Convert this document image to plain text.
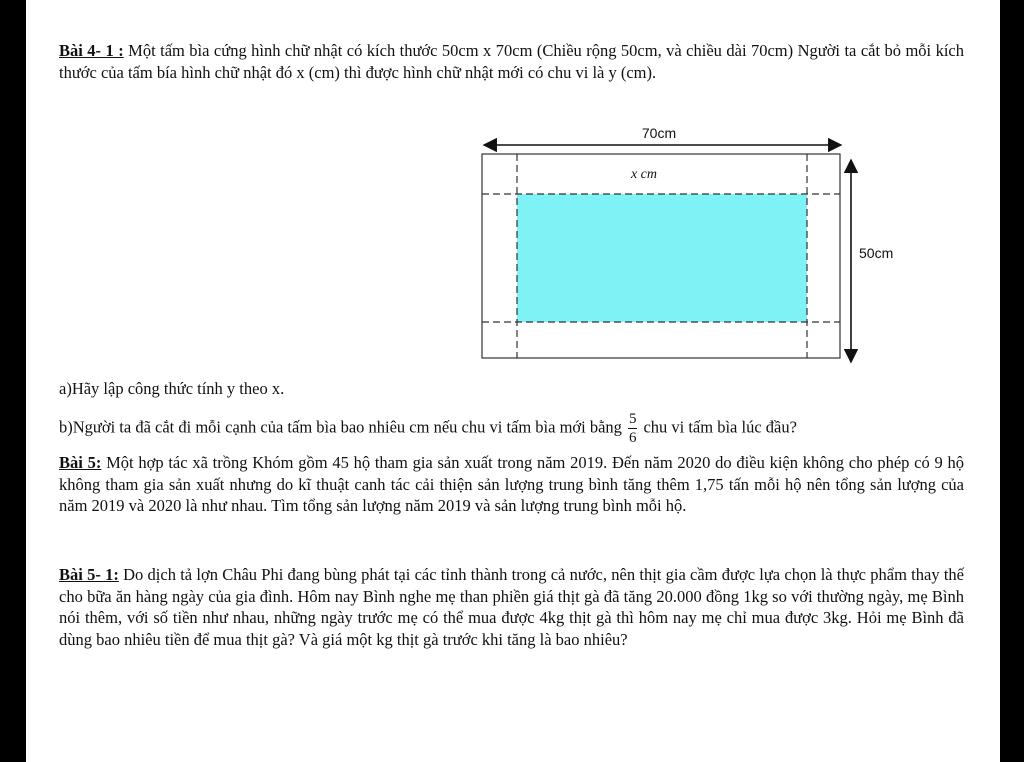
Bài 4- 1 : Một tấm bìa cứng hình chữ nhật có kích thước 50cm x 70cm (Chiều rộng 50cm, và chiều dài 70cm) Người ta cắt bỏ mỗi kích thước của tấm bía hình chữ nhật đó x (cm) thì được hình chữ nhật mới có chu vi là y (cm).
70cm
x cm
50cm
a)Hãy lập công thức tính y theo x.
b)Người ta đã cắt đi mỗi cạnh của tấm bìa bao nhiêu cm nếu chu vi tấm bìa mới bằng $\frac{5}{6}$ chu vi tấm bìa lúc đầu?
Bài 5: Một hợp tác xã trồng Khóm gồm 45 hộ tham gia sản xuất trong năm 2019. Đến năm 2020 do điều kiện không cho phép có 9 hộ không tham gia sản xuất nhưng do kĩ thuật canh tác cải thiện sản lượng trung bình tăng thêm 1,75 tấn mỗi hộ nên tổng sản lượng của năm 2019 và 2020 là như nhau. Tìm tổng sản lượng năm 2019 và sản lượng trung bình mỗi hộ.
Bài 5- 1: Do dịch tả lợn Châu Phi đang bùng phát tại các tỉnh thành trong cả nước, nên thịt gia cầm được lựa chọn là thực phẩm thay thế cho bữa ăn hàng ngày của gia đình. Hôm nay Bình nghe mẹ than phiền giá thịt gà đã tăng 20.000 đồng 1kg so với thường ngày, mẹ Bình nói thêm, với số tiền như nhau, những ngày trước mẹ có thể mua được 4kg thịt gà thì hôm nay mẹ chỉ mua được 3kg. Hỏi mẹ Bình đã dùng bao nhiêu tiền để mua thịt gà? Và giá một kg thịt gà trước khi tăng là bao nhiêu?
